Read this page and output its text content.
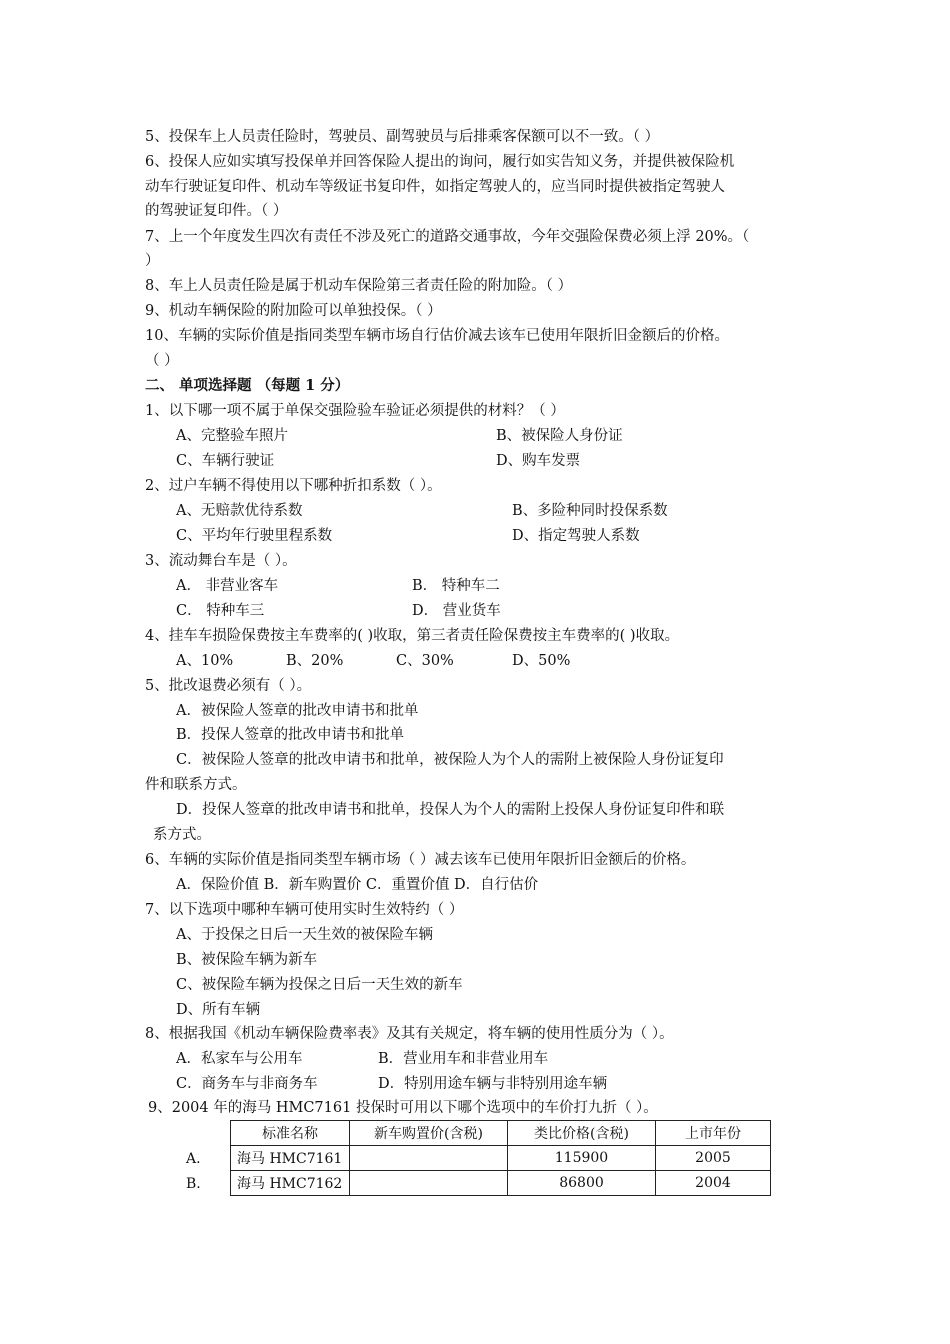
5、投保车上人员责任险时，驾驶员、副驾驶员与后排乘客保额可以不一致。（ ）
6、投保人应如实填写投保单并回答保险人提出的询问，履行如实告知义务，并提供被保险机
动车行驶证复印件、机动车等级证书复印件，如指定驾驶人的，应当同时提供被指定驾驶人
的驾驶证复印件。（ ）
7、上一个年度发生四次有责任不涉及死亡的道路交通事故，今年交强险保费必须上浮 20%。（
）
8、车上人员责任险是属于机动车保险第三者责任险的附加险。（ ）
9、机动车辆保险的附加险可以单独投保。（ ）
10、车辆的实际价值是指同类型车辆市场自行估价减去该车已使用年限折旧金额后的价格。
（ ）
二、 单项选择题 （每题 1 分）
1、以下哪一项不属于单保交强险验车验证必须提供的材料？（ ）
A、完整验车照片	B、被保险人身份证
C、车辆行驶证	D、购车发票
2、过户车辆不得使用以下哪种折扣系数（ ）。
A、无赔款优待系数	B、多险种同时投保系数
C、平均年行驶里程系数	D、指定驾驶人系数
3、流动舞台车是（ ）。
A． 非营业客车	B． 特种车二
C． 特种车三	D． 营业货车
4、挂车车损险保费按主车费率的( )收取，第三者责任险保费按主车费率的( )收取。
A、10%	B、20%	C、30%	D、50%
5、批改退费必须有（ ）。
A．被保险人签章的批改申请书和批单
B．投保人签章的批改申请书和批单
C．被保险人签章的批改申请书和批单，被保险人为个人的需附上被保险人身份证复印
件和联系方式。
D．投保人签章的批改申请书和批单，投保人为个人的需附上投保人身份证复印件和联
系方式。
6、车辆的实际价值是指同类型车辆市场（ ）减去该车已使用年限折旧金额后的价格。
A．保险价值 B．新车购置价 C．重置价值 D．自行估价
7、以下选项中哪种车辆可使用实时生效特约（ ）
A、于投保之日后一天生效的被保险车辆
B、被保险车辆为新车
C、被保险车辆为投保之日后一天生效的新车
D、所有车辆
8、根据我国《机动车辆保险费率表》及其有关规定，将车辆的使用性质分为（ ）。
A．私家车与公用车	B．营业用车和非营业用车
C．商务车与非商务车	D．特别用途车辆与非特别用途车辆
9、2004 年的海马 HMC7161 投保时可用以下哪个选项中的车价打九折（ ）。
A.
B.
标准名称	新车购置价(含税)	类比价格(含税)	上市年份
海马 HMC7161		115900	2005
海马 HMC7162		86800	2004
